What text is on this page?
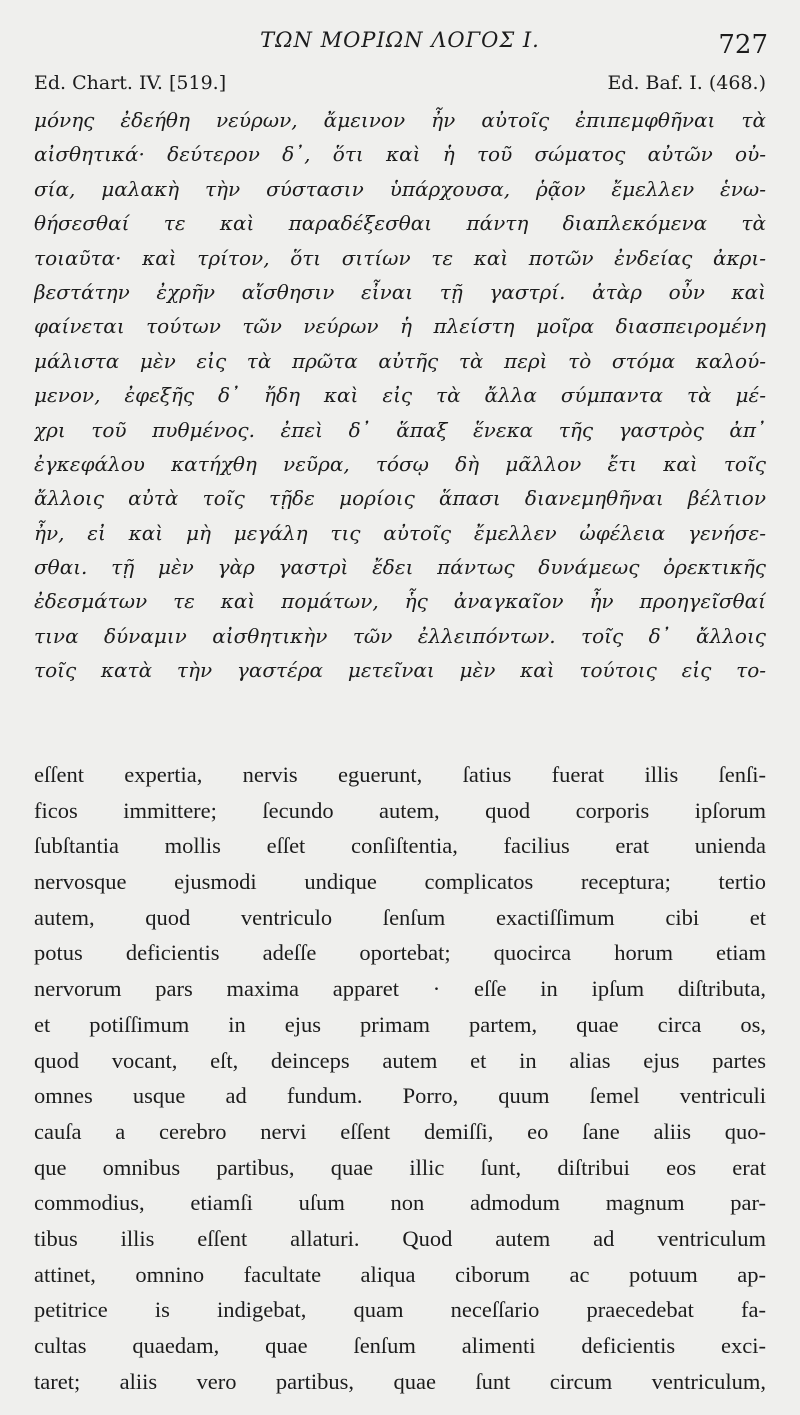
ΤΩΝ ΜΟΡΙΩΝ ΛΟΓΟΣ Ι.	727
Ed. Chart. IV. [519.]	Ed. Baf. I. (468.)
μόνης ἐδεήθη νεύρων, ἄμεινον ἦν αὐτοῖς ἐπιπεμφθῆναι τὰ
αἰσθητικά· δεύτερον δ᾽, ὅτι καὶ ἡ τοῦ σώματος αὐτῶν οὐ-
σία, μαλακὴ τὴν σύστασιν ὑπάρχουσα, ῥᾷον ἔμελλεν ἑνω-
θήσεσθαί τε καὶ παραδέξεσθαι πάντη διαπλεκόμενα τὰ
τοιαῦτα· καὶ τρίτον, ὅτι σιτίων τε καὶ ποτῶν ἐνδείας ἀκρι-
βεστάτην ἐχρῆν αἴσθησιν εἶναι τῇ γαστρί. ἀτὰρ οὖν καὶ
φαίνεται τούτων τῶν νεύρων ἡ πλείστη μοῖρα διασπειρομένη
μάλιστα μὲν εἰς τὰ πρῶτα αὐτῆς τὰ περὶ τὸ στόμα καλού-
μενον, ἐφεξῆς δ᾽ ἤδη καὶ εἰς τὰ ἄλλα σύμπαντα τὰ μέ-
χρι τοῦ πυθμένος. ἐπεὶ δ᾽ ἅπαξ ἕνεκα τῆς γαστρὸς ἀπ᾽
ἐγκεφάλου κατήχθη νεῦρα, τόσῳ δὴ μᾶλλον ἔτι καὶ τοῖς
ἄλλοις αὐτὰ τοῖς τῇδε μορίοις ἅπασι διανεμηθῆναι βέλτιον
ἦν, εἰ καὶ μὴ μεγάλη τις αὐτοῖς ἔμελλεν ὠφέλεια γενήσε-
σθαι. τῇ μὲν γὰρ γαστρὶ ἔδει πάντως δυνάμεως ὀρεκτικῆς
ἐδεσμάτων τε καὶ πομάτων, ἧς ἀναγκαῖον ἦν προηγεῖσθαί
τινα δύναμιν αἰσθητικὴν τῶν ἐλλειπόντων. τοῖς δ᾽ ἄλλοις
τοῖς κατὰ τὴν γαστέρα μετεῖναι μὲν καὶ τούτοις εἰς το-
eſſent expertia, nervis eguerunt, ſatius fuerat illis ſenſi-
ficos immittere; ſecundo autem, quod corporis ipſorum
ſubſtantia mollis eſſet conſiſtentia, facilius erat unienda
nervosque ejusmodi undique complicatos receptura; tertio
autem, quod ventriculo ſenſum exactiſſimum cibi et
potus deficientis adeſſe oportebat; quocirca horum etiam
nervorum pars maxima apparet · eſſe in ipſum diſtributa,
et potiſſimum in ejus primam partem, quae circa os,
quod vocant, eſt, deinceps autem et in alias ejus partes
omnes usque ad fundum. Porro, quum ſemel ventriculi
cauſa a cerebro nervi eſſent demiſſi, eo ſane aliis quo-
que omnibus partibus, quae illic ſunt, diſtribui eos erat
commodius, etiamſi uſum non admodum magnum par-
tibus illis eſſent allaturi. Quod autem ad ventriculum
attinet, omnino facultate aliqua ciborum ac potuum ap-
petitrice is indigebat, quam neceſſario praecedebat fa-
cultas quaedam, quae ſenſum alimenti deficientis exci-
taret; aliis vero partibus, quae ſunt circum ventriculum,
